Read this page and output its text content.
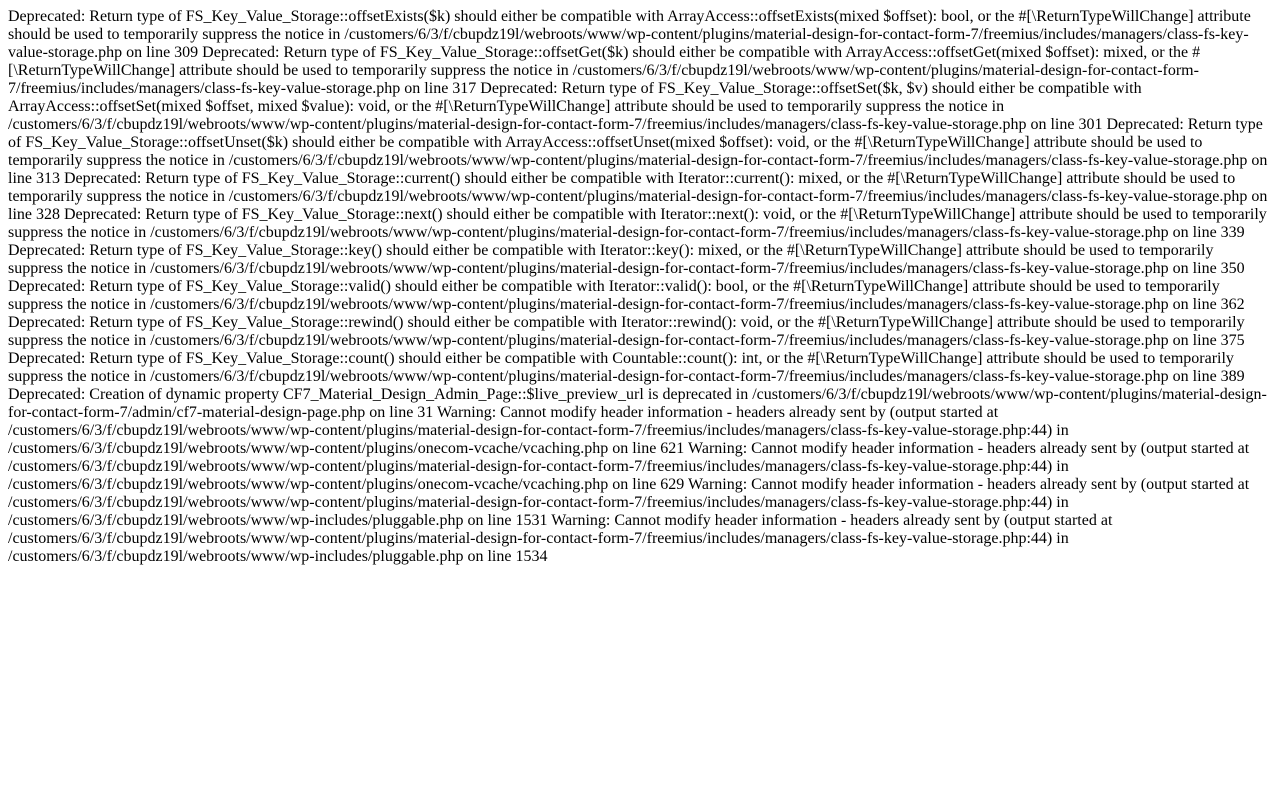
Deprecated: Return type of FS_Key_Value_Storage::offsetExists($k) should either be compatible with ArrayAccess::offsetExists(mixed $offset): bool, or the #[\ReturnTypeWillChange] attribute should be used to temporarily suppress the notice in /customers/6/3/f/cbupdz19l/webroots/www/wp-content/plugins/material-design-for-contact-form-7/freemius/includes/managers/class-fs-key-value-storage.php on line 309 Deprecated: Return type of FS_Key_Value_Storage::offsetGet($k) should either be compatible with ArrayAccess::offsetGet(mixed $offset): mixed, or the #[\ReturnTypeWillChange] attribute should be used to temporarily suppress the notice in /customers/6/3/f/cbupdz19l/webroots/www/wp-content/plugins/material-design-for-contact-form-7/freemius/includes/managers/class-fs-key-value-storage.php on line 317 Deprecated: Return type of FS_Key_Value_Storage::offsetSet($k, $v) should either be compatible with ArrayAccess::offsetSet(mixed $offset, mixed $value): void, or the #[\ReturnTypeWillChange] attribute should be used to temporarily suppress the notice in /customers/6/3/f/cbupdz19l/webroots/www/wp-content/plugins/material-design-for-contact-form-7/freemius/includes/managers/class-fs-key-value-storage.php on line 301 Deprecated: Return type of FS_Key_Value_Storage::offsetUnset($k) should either be compatible with ArrayAccess::offsetUnset(mixed $offset): void, or the #[\ReturnTypeWillChange] attribute should be used to temporarily suppress the notice in /customers/6/3/f/cbupdz19l/webroots/www/wp-content/plugins/material-design-for-contact-form-7/freemius/includes/managers/class-fs-key-value-storage.php on line 313 Deprecated: Return type of FS_Key_Value_Storage::current() should either be compatible with Iterator::current(): mixed, or the #[\ReturnTypeWillChange] attribute should be used to temporarily suppress the notice in /customers/6/3/f/cbupdz19l/webroots/www/wp-content/plugins/material-design-for-contact-form-7/freemius/includes/managers/class-fs-key-value-storage.php on line 328 Deprecated: Return type of FS_Key_Value_Storage::next() should either be compatible with Iterator::next(): void, or the #[\ReturnTypeWillChange] attribute should be used to temporarily suppress the notice in /customers/6/3/f/cbupdz19l/webroots/www/wp-content/plugins/material-design-for-contact-form-7/freemius/includes/managers/class-fs-key-value-storage.php on line 339 Deprecated: Return type of FS_Key_Value_Storage::key() should either be compatible with Iterator::key(): mixed, or the #[\ReturnTypeWillChange] attribute should be used to temporarily suppress the notice in /customers/6/3/f/cbupdz19l/webroots/www/wp-content/plugins/material-design-for-contact-form-7/freemius/includes/managers/class-fs-key-value-storage.php on line 350 Deprecated: Return type of FS_Key_Value_Storage::valid() should either be compatible with Iterator::valid(): bool, or the #[\ReturnTypeWillChange] attribute should be used to temporarily suppress the notice in /customers/6/3/f/cbupdz19l/webroots/www/wp-content/plugins/material-design-for-contact-form-7/freemius/includes/managers/class-fs-key-value-storage.php on line 362 Deprecated: Return type of FS_Key_Value_Storage::rewind() should either be compatible with Iterator::rewind(): void, or the #[\ReturnTypeWillChange] attribute should be used to temporarily suppress the notice in /customers/6/3/f/cbupdz19l/webroots/www/wp-content/plugins/material-design-for-contact-form-7/freemius/includes/managers/class-fs-key-value-storage.php on line 375 Deprecated: Return type of FS_Key_Value_Storage::count() should either be compatible with Countable::count(): int, or the #[\ReturnTypeWillChange] attribute should be used to temporarily suppress the notice in /customers/6/3/f/cbupdz19l/webroots/www/wp-content/plugins/material-design-for-contact-form-7/freemius/includes/managers/class-fs-key-value-storage.php on line 389 Deprecated: Creation of dynamic property CF7_Material_Design_Admin_Page::$live_preview_url is deprecated in /customers/6/3/f/cbupdz19l/webroots/www/wp-content/plugins/material-design-for-contact-form-7/admin/cf7-material-design-page.php on line 31 Warning: Cannot modify header information - headers already sent by (output started at /customers/6/3/f/cbupdz19l/webroots/www/wp-content/plugins/material-design-for-contact-form-7/freemius/includes/managers/class-fs-key-value-storage.php:44) in /customers/6/3/f/cbupdz19l/webroots/www/wp-content/plugins/onecom-vcache/vcaching.php on line 621 Warning: Cannot modify header information - headers already sent by (output started at /customers/6/3/f/cbupdz19l/webroots/www/wp-content/plugins/material-design-for-contact-form-7/freemius/includes/managers/class-fs-key-value-storage.php:44) in /customers/6/3/f/cbupdz19l/webroots/www/wp-content/plugins/onecom-vcache/vcaching.php on line 629 Warning: Cannot modify header information - headers already sent by (output started at /customers/6/3/f/cbupdz19l/webroots/www/wp-content/plugins/material-design-for-contact-form-7/freemius/includes/managers/class-fs-key-value-storage.php:44) in /customers/6/3/f/cbupdz19l/webroots/www/wp-includes/pluggable.php on line 1531 Warning: Cannot modify header information - headers already sent by (output started at /customers/6/3/f/cbupdz19l/webroots/www/wp-content/plugins/material-design-for-contact-form-7/freemius/includes/managers/class-fs-key-value-storage.php:44) in /customers/6/3/f/cbupdz19l/webroots/www/wp-includes/pluggable.php on line 1534
